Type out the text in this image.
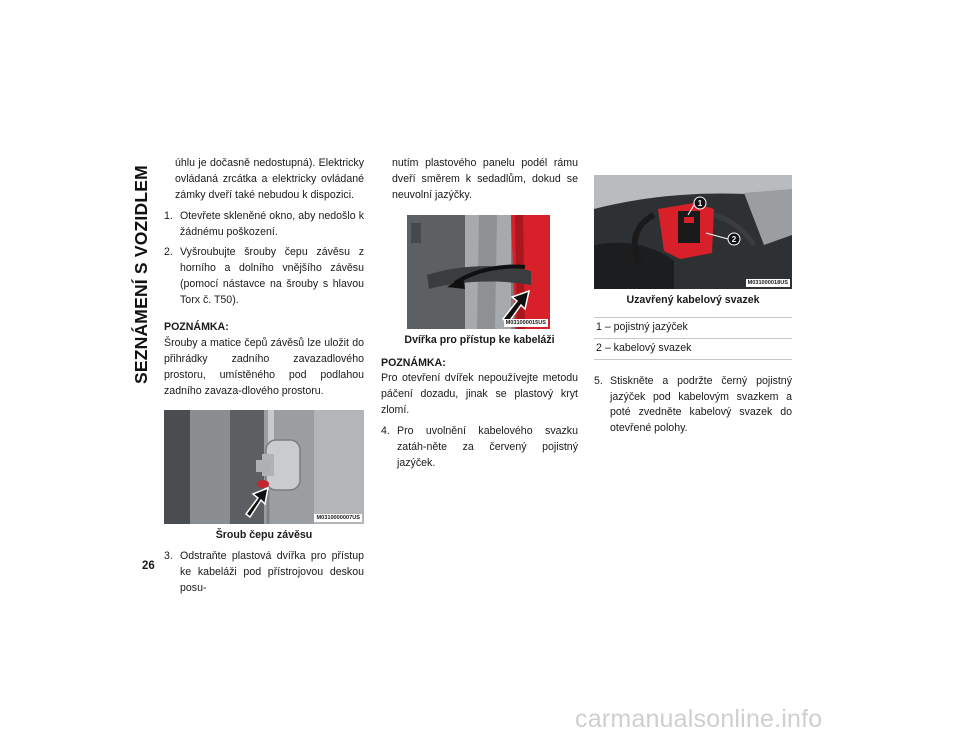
SEZNÁMENÍ S VOZIDLEM
26

úhlu je dočasně nedostupná). Elektricky ovládaná zrcátka a elektricky ovládané zámky dveří také nebudou k dispozici.

1. Otevřete skleněné okno, aby nedošlo k žádnému poškození.
2. Vyšroubujte šrouby čepu závěsu z horního a dolního vnějšího závěsu (pomocí nástavce na šrouby s hlavou Torx č. T50).

POZNÁMKA:

Šrouby a matice čepů závěsů lze uložit do přihrádky zadního zavazadlového prostoru, umístěného pod podlahou zadního zavaza-dlového prostoru.

M0310000007US

Šroub čepu závěsu

3. Odstraňte plastová dvířka pro přístup ke kabeláži pod přístrojovou deskou posu-

nutím plastového panelu podél rámu dveří směrem k sedadlům, dokud se neuvolní jazýčky.

M031000015US

Dvířka pro přístup ke kabeláži

POZNÁMKA:

Pro otevření dvířek nepoužívejte metodu páčení dozadu, jinak se plastový kryt zlomí.

4. Pro uvolnění kabelového svazku zatáh-něte za červený pojistný jazýček.
1
2
M031000018US

Uzavřený kabelový svazek

1 – pojistný jazýček
2 – kabelový svazek
5. Stiskněte a podržte černý pojistný jazýček pod kabelovým svazkem a poté zvedněte kabelový svazek do otevřené polohy.
carmanualsonline.info
